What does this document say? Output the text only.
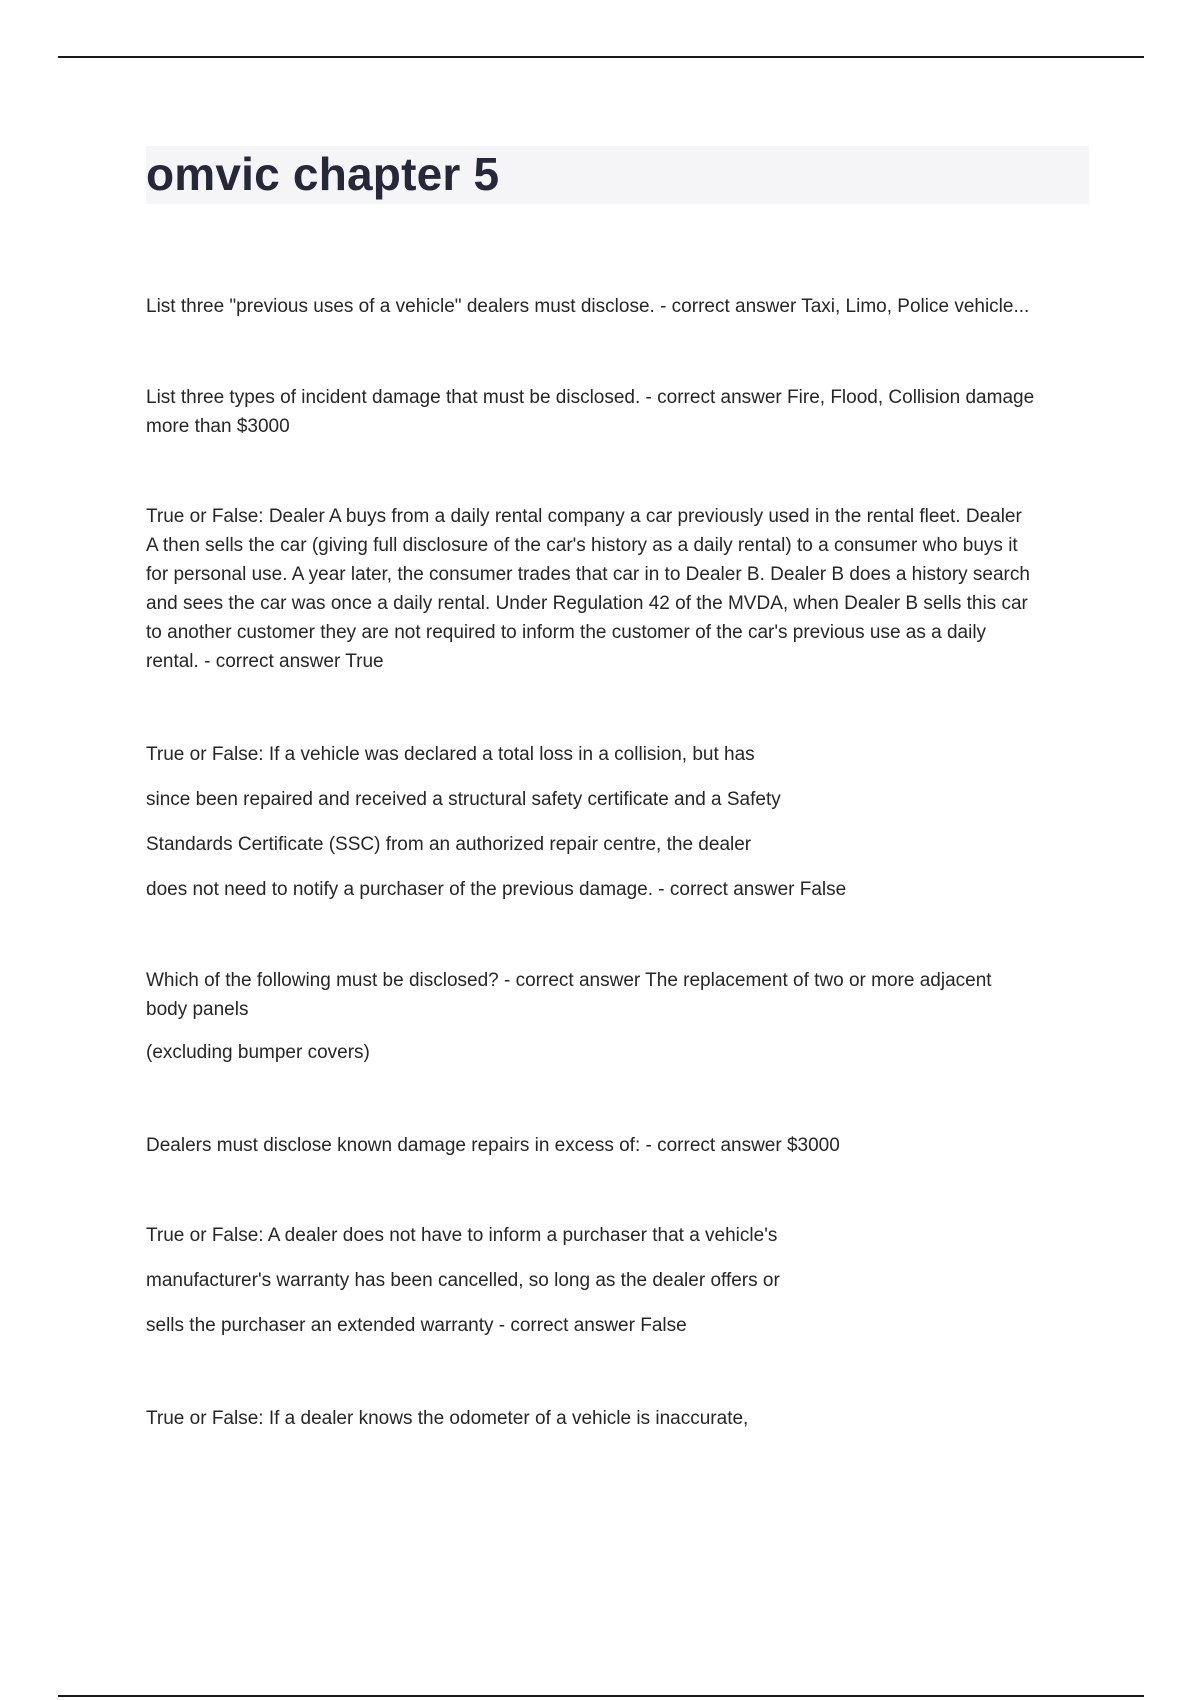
omvic chapter 5

List three "previous uses of a vehicle" dealers must disclose. - correct answer Taxi, Limo, Police vehicle...

List three types of incident damage that must be disclosed. - correct answer Fire, Flood, Collision damage
more than $3000

True or False: Dealer A buys from a daily rental company a car previously used in the rental fleet. Dealer
A then sells the car (giving full disclosure of the car's history as a daily rental) to a consumer who buys it
for personal use. A year later, the consumer trades that car in to Dealer B. Dealer B does a history search
and sees the car was once a daily rental. Under Regulation 42 of the MVDA, when Dealer B sells this car
to another customer they are not required to inform the customer of the car's previous use as a daily
rental. - correct answer True

True or False: If a vehicle was declared a total loss in a collision, but has
since been repaired and received a structural safety certificate and a Safety
Standards Certificate (SSC) from an authorized repair centre, the dealer
does not need to notify a purchaser of the previous damage. - correct answer False

Which of the following must be disclosed? - correct answer The replacement of two or more adjacent
body panels
(excluding bumper covers)

Dealers must disclose known damage repairs in excess of: - correct answer $3000

True or False: A dealer does not have to inform a purchaser that a vehicle's
manufacturer's warranty has been cancelled, so long as the dealer offers or
sells the purchaser an extended warranty - correct answer False

True or False: If a dealer knows the odometer of a vehicle is inaccurate,
